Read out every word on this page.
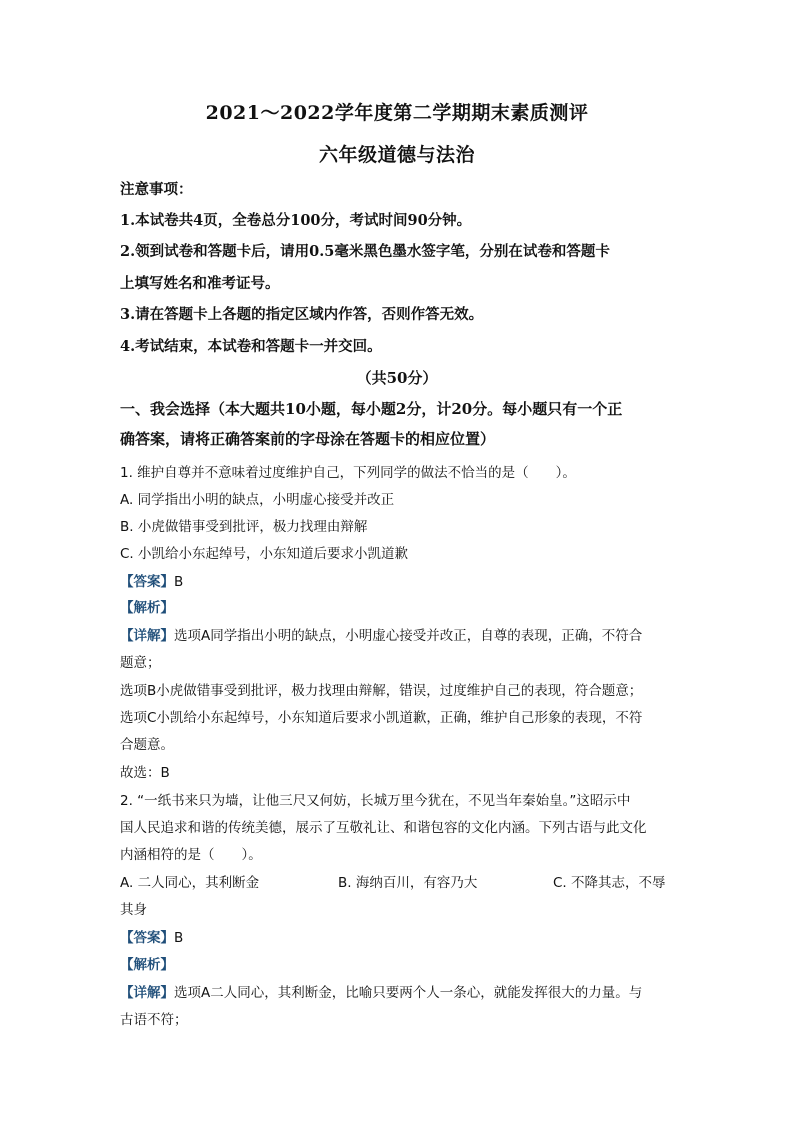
2021～2022学年度第二学期期末素质测评
六年级道德与法治
注意事项：
1.本试卷共4页，全卷总分100分，考试时间90分钟。
2.领到试卷和答题卡后，请用0.5毫米黑色墨水签字笔，分别在试卷和答题卡
上填写姓名和准考证号。
3.请在答题卡上各题的指定区域内作答，否则作答无效。
4.考试结束，本试卷和答题卡一并交回。
（共50分）
一、我会选择（本大题共10小题，每小题2分，计20分。每小题只有一个正
确答案，请将正确答案前的字母涂在答题卡的相应位置）
1. 维护自尊并不意味着过度维护自己，下列同学的做法不恰当的是（　　）。
A. 同学指出小明的缺点，小明虚心接受并改正
B. 小虎做错事受到批评，极力找理由辩解
C. 小凯给小东起绰号，小东知道后要求小凯道歉
【答案】B
【解析】
【详解】选项A同学指出小明的缺点，小明虚心接受并改正，自尊的表现，正确，不符合
题意；
选项B小虎做错事受到批评，极力找理由辩解，错误，过度维护自己的表现，符合题意；
选项C小凯给小东起绰号，小东知道后要求小凯道歉，正确，维护自己形象的表现，不符
合题意。
故选：B
2. “一纸书来只为墙，让他三尺又何妨，长城万里今犹在，不见当年秦始皇。”这昭示中
国人民追求和谐的传统美德，展示了互敬礼让、和谐包容的文化内涵。下列古语与此文化
内涵相符的是（　　）。
A. 二人同心，其利断金	B. 海纳百川，有容乃大	C. 不降其志，不辱
其身
【答案】B
【解析】
【详解】选项A二人同心，其利断金，比喻只要两个人一条心，就能发挥很大的力量。与
古语不符；
